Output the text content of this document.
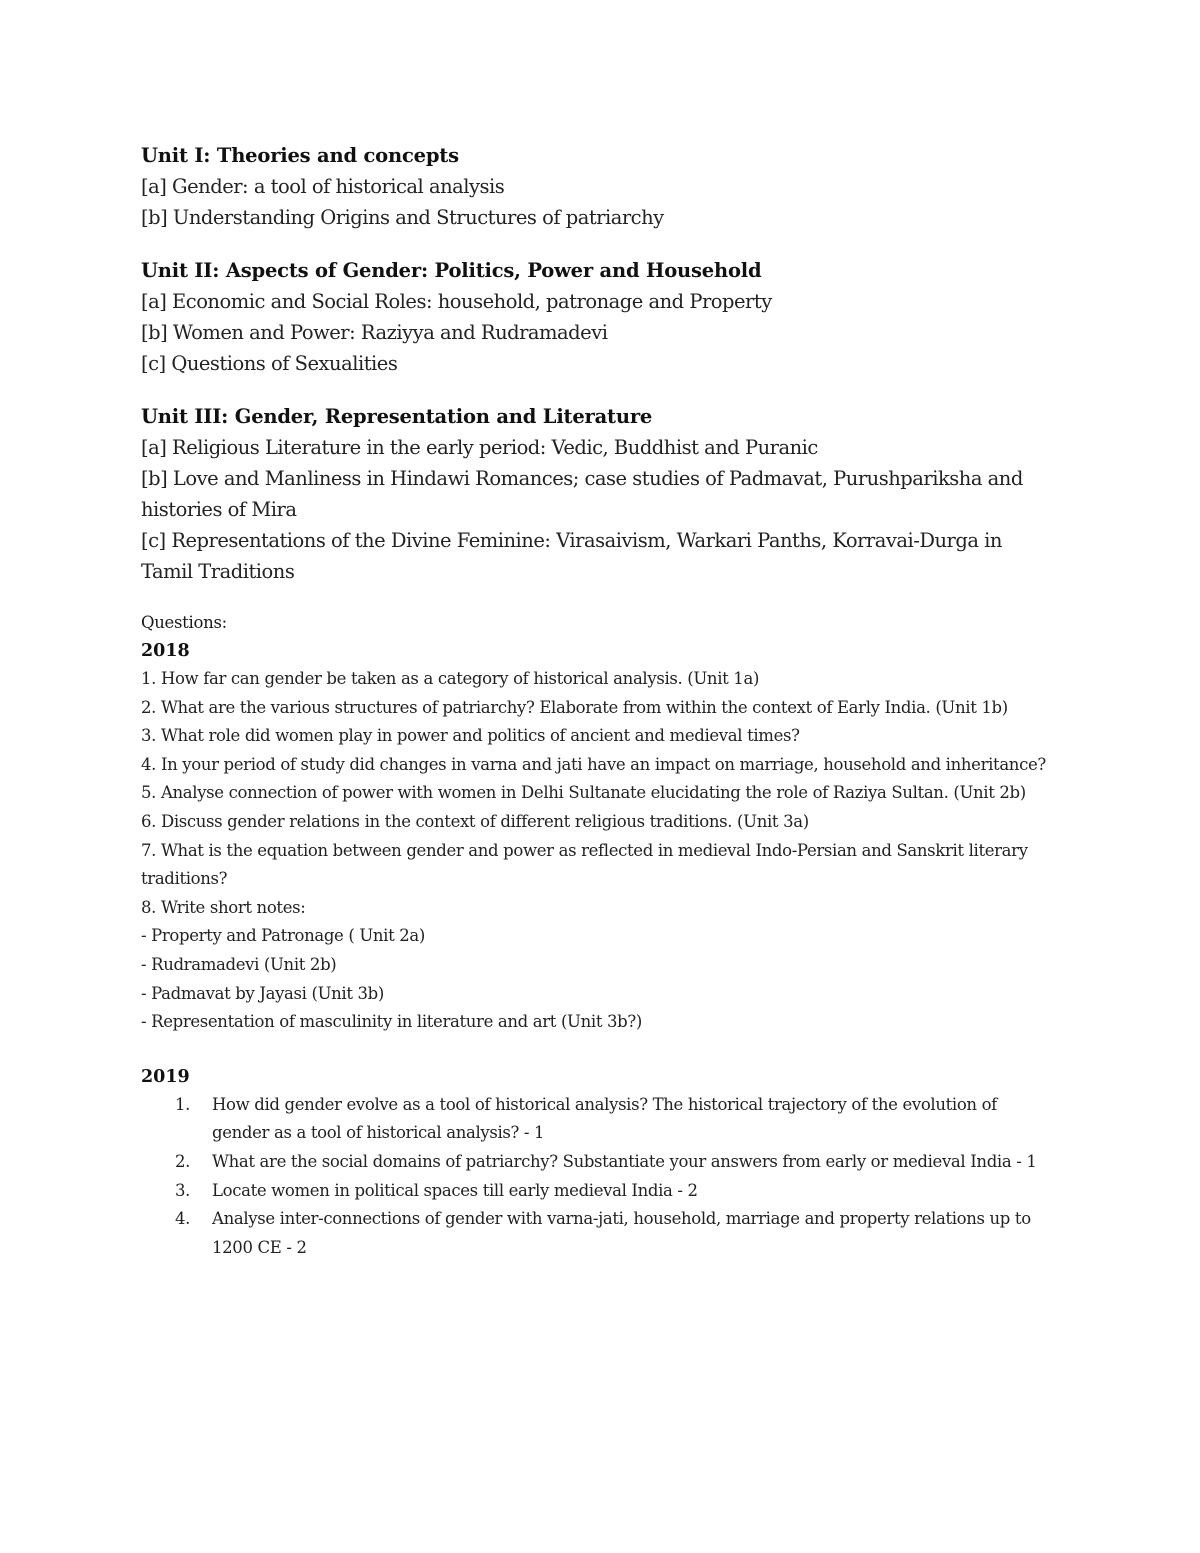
Unit I: Theories and concepts
[a] Gender: a tool of historical analysis
[b] Understanding Origins and Structures of patriarchy
Unit II: Aspects of Gender: Politics, Power and Household
[a] Economic and Social Roles: household, patronage and Property
[b] Women and Power: Raziyya and Rudramadevi
[c] Questions of Sexualities
Unit III: Gender, Representation and Literature
[a] Religious Literature in the early period: Vedic, Buddhist and Puranic
[b] Love and Manliness in Hindawi Romances; case studies of Padmavat, Purushpariksha and histories of Mira
[c] Representations of the Divine Feminine: Virasaivism, Warkari Panths, Korravai-Durga in Tamil Traditions
Questions:
2018
1. How far can gender be taken as a category of historical analysis. (Unit 1a)
2. What are the various structures of patriarchy? Elaborate from within the context of Early India. (Unit 1b)
3. What role did women play in power and politics of ancient and medieval times?
4. In your period of study did changes in varna and jati have an impact on marriage, household and inheritance?
5. Analyse connection of power with women in Delhi Sultanate elucidating the role of Raziya Sultan. (Unit 2b)
6. Discuss gender relations in the context of different religious traditions. (Unit 3a)
7. What is the equation between gender and power as reflected in medieval Indo-Persian and Sanskrit literary traditions?
8. Write short notes:
- Property and Patronage ( Unit 2a)
- Rudramadevi (Unit 2b)
- Padmavat by Jayasi (Unit 3b)
- Representation of masculinity in literature and art (Unit 3b?)
2019
1. How did gender evolve as a tool of historical analysis? The historical trajectory of the evolution of gender as a tool of historical analysis? - 1
2. What are the social domains of patriarchy? Substantiate your answers from early or medieval India - 1
3. Locate women in political spaces till early medieval India - 2
4. Analyse inter-connections of gender with varna-jati, household, marriage and property relations up to 1200 CE - 2
